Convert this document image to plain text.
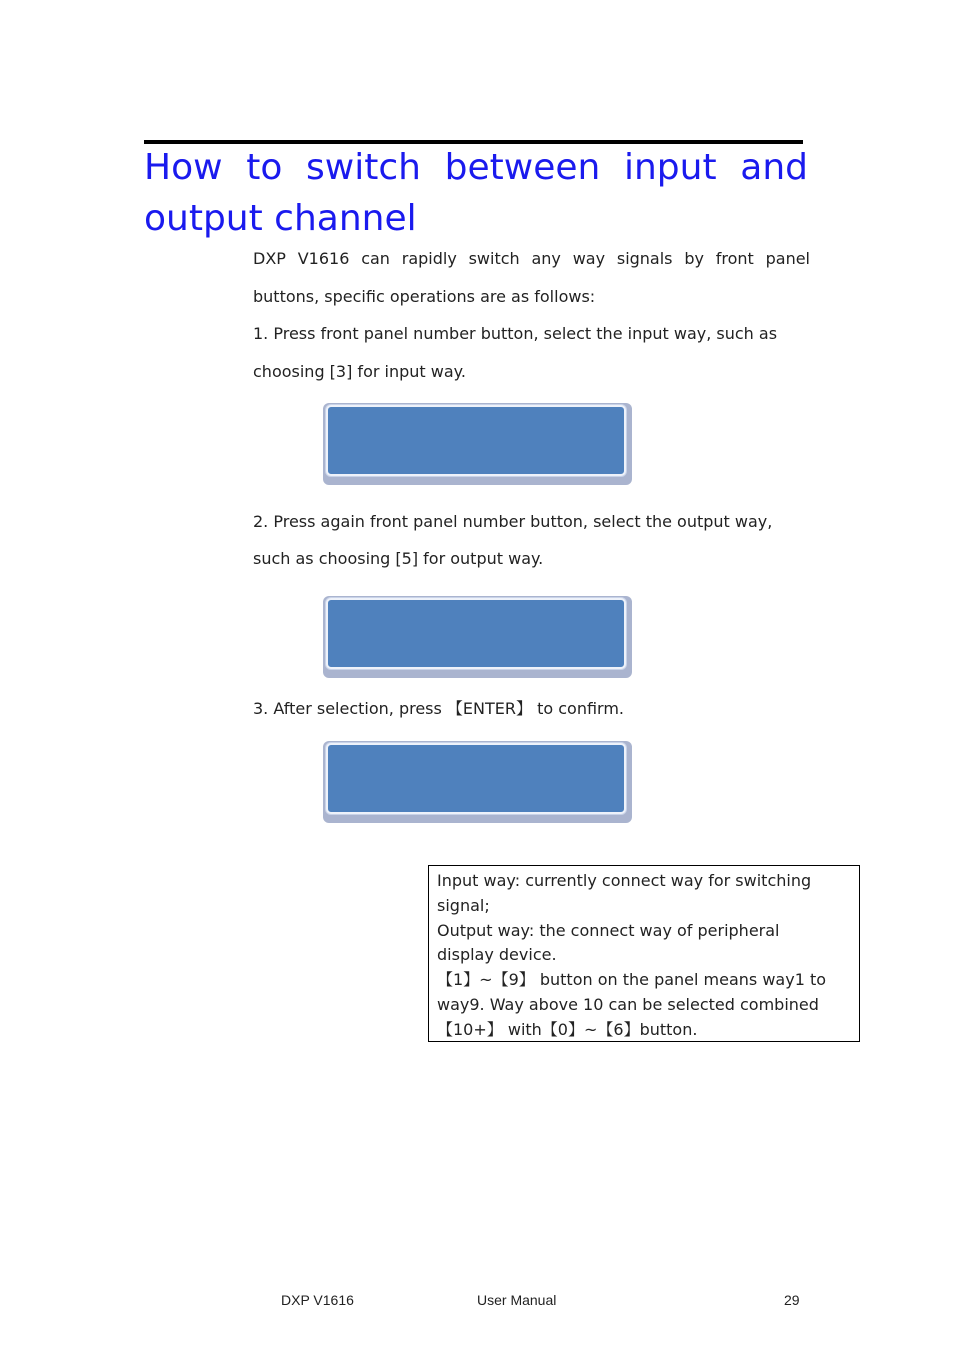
How to switch between input and
output channel

DXP V1616 can rapidly switch any way signals by front panel

buttons, specific operations are as follows:

1. Press front panel number button, select the input way, such as

choosing [3] for input way.

2. Press again front panel number button, select the output way,

such as choosing [5] for output way.

3. After selection, press 【ENTER】 to confirm.

Input way: currently connect way for switching

signal;

Output way: the connect way of peripheral

display device.

【1】~【9】 button on the panel means way1 to

way9. Way above 10 can be selected combined

【10+】 with【0】~【6】button.

DXP V1616	User Manual	29
